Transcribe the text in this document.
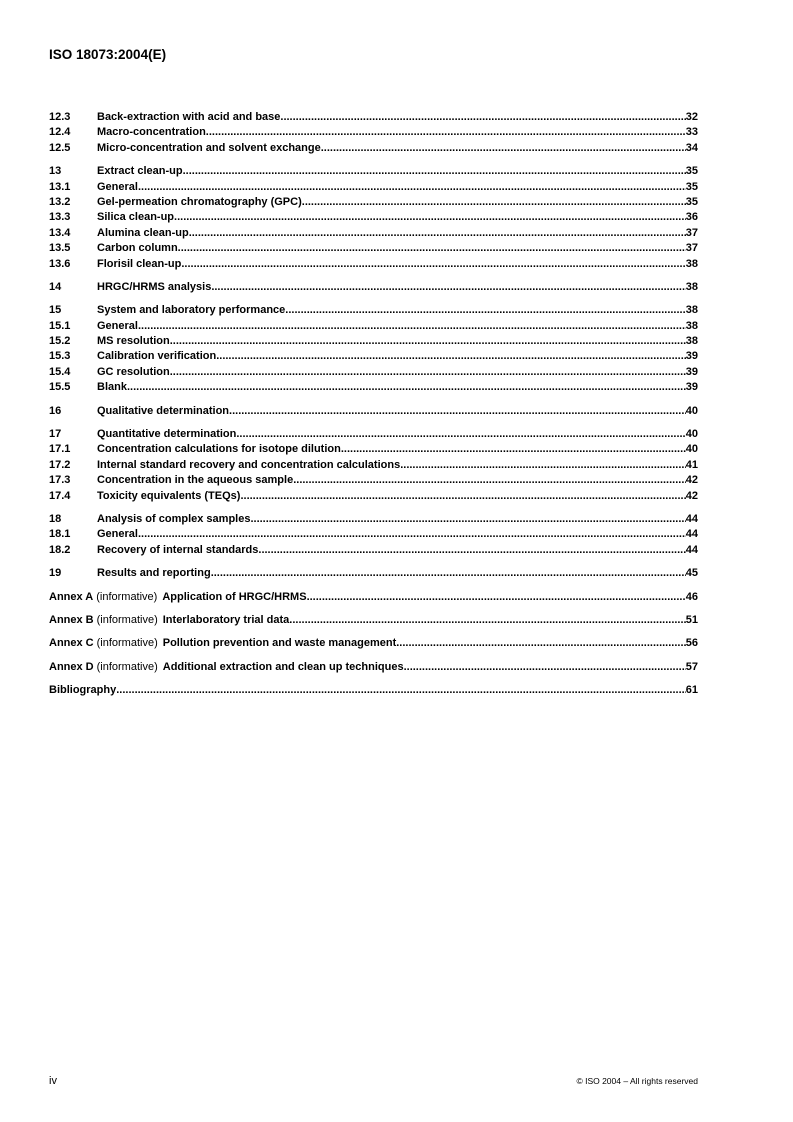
ISO 18073:2004(E)
12.3	Back-extraction with acid and base .....	32
12.4	Macro-concentration .....	33
12.5	Micro-concentration and solvent exchange .....	34
13	Extract clean-up .....	35
13.1	General .....	35
13.2	Gel-permeation chromatography (GPC) .....	35
13.3	Silica clean-up .....	36
13.4	Alumina clean-up .....	37
13.5	Carbon column .....	37
13.6	Florisil clean-up .....	38
14	HRGC/HRMS analysis .....	38
15	System and laboratory performance .....	38
15.1	General .....	38
15.2	MS resolution .....	38
15.3	Calibration verification .....	39
15.4	GC resolution .....	39
15.5	Blank .....	39
16	Qualitative determination .....	40
17	Quantitative determination .....	40
17.1	Concentration calculations for isotope dilution .....	40
17.2	Internal standard recovery and concentration calculations .....	41
17.3	Concentration in the aqueous sample .....	42
17.4	Toxicity equivalents (TEQs) .....	42
18	Analysis of complex samples .....	44
18.1	General .....	44
18.2	Recovery of internal standards .....	44
19	Results and reporting .....	45
Annex A (informative) Application of HRGC/HRMS .....	46
Annex B (informative) Interlaboratory trial data .....	51
Annex C (informative) Pollution prevention and waste management .....	56
Annex D (informative) Additional extraction and clean up techniques .....	57
Bibliography .....	61
iv	© ISO 2004 – All rights reserved
